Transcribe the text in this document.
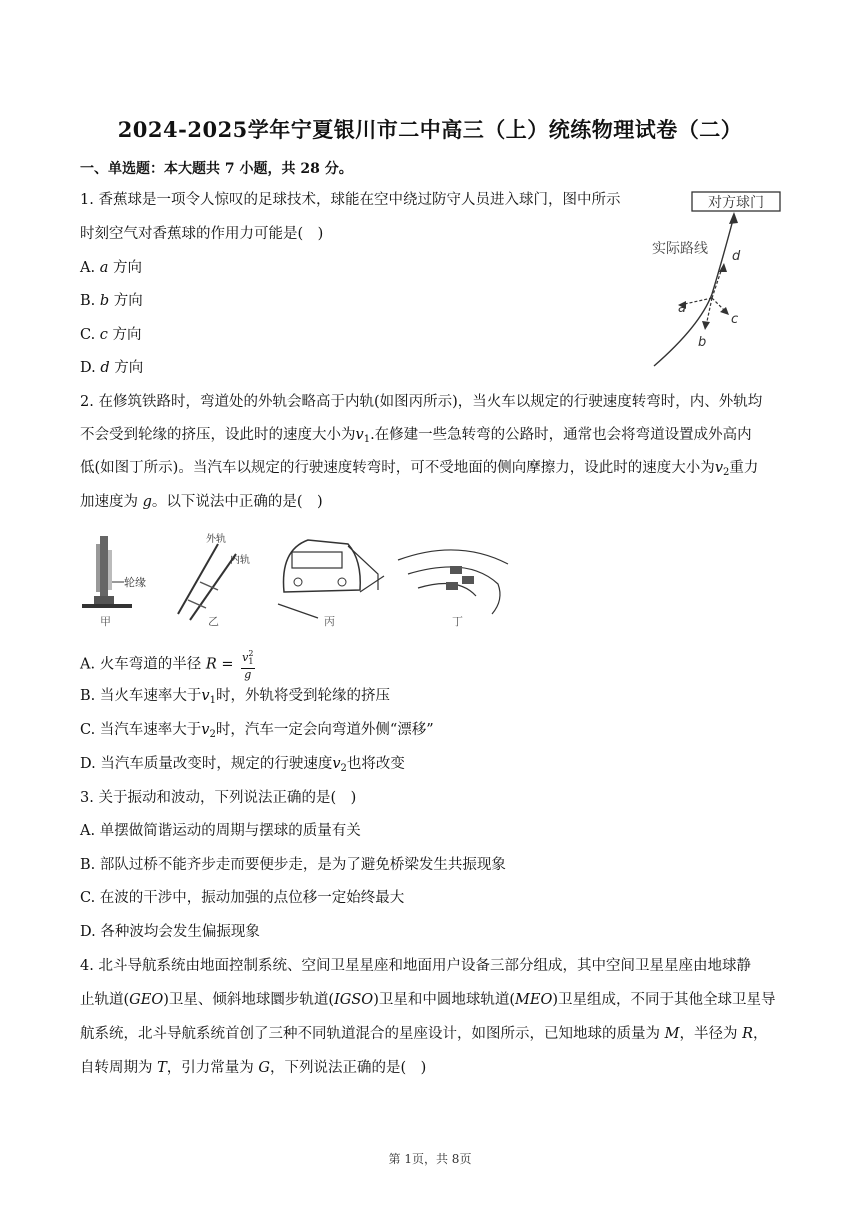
2024-2025学年宁夏银川市二中高三（上）统练物理试卷（二）
一、单选题：本大题共 7 小题，共 28 分。
1. 香蕉球是一项令人惊叹的足球技术，球能在空中绕过防守人员进入球门，图中所示
时刻空气对香蕉球的作用力可能是( )
A. a 方向
B. b 方向
C. c 方向
D. d 方向
对方球门
实际路线
a
b
c
d
2. 在修筑铁路时，弯道处的外轨会略高于内轨(如图丙所示)，当火车以规定的行驶速度转弯时，内、外轨均
不会受到轮缘的挤压，设此时的速度大小为$v_1$.在修建一些急转弯的公路时，通常也会将弯道设置成外高内
低(如图丁所示)。当汽车以规定的行驶速度转弯时，可不受地面的侧向摩擦力，设此时的速度大小为$v_2$重力
加速度为 g。以下说法中正确的是( )
轮缘
甲
外轨
内轨
乙	丙	丁
A. 火车弯道的半径 $R = \frac{v^2_1}{g}$
B. 当火车速率大于$v_1$时，外轨将受到轮缘的挤压
C. 当汽车速率大于$v_2$时，汽车一定会向弯道外侧“漂移”
D. 当汽车质量改变时，规定的行驶速度$v_2$也将改变
3. 关于振动和波动，下列说法正确的是( )
A. 单摆做简谐运动的周期与摆球的质量有关
B. 部队过桥不能齐步走而要便步走，是为了避免桥梁发生共振现象
C. 在波的干涉中，振动加强的点位移一定始终最大
D. 各种波均会发生偏振现象
4. 北斗导航系统由地面控制系统、空间卫星星座和地面用户设备三部分组成，其中空间卫星星座由地球静
止轨道(GEO)卫星、倾斜地球圜步轨道(IGSO)卫星和中圆地球轨道(MEO)卫星组成，不同于其他全球卫星导
航系统，北斗导航系统首创了三种不同轨道混合的星座设计，如图所示，已知地球的质量为 M，半径为 R，
自转周期为 T，引力常量为 G，下列说法正确的是( )
第 1页，共 8页
